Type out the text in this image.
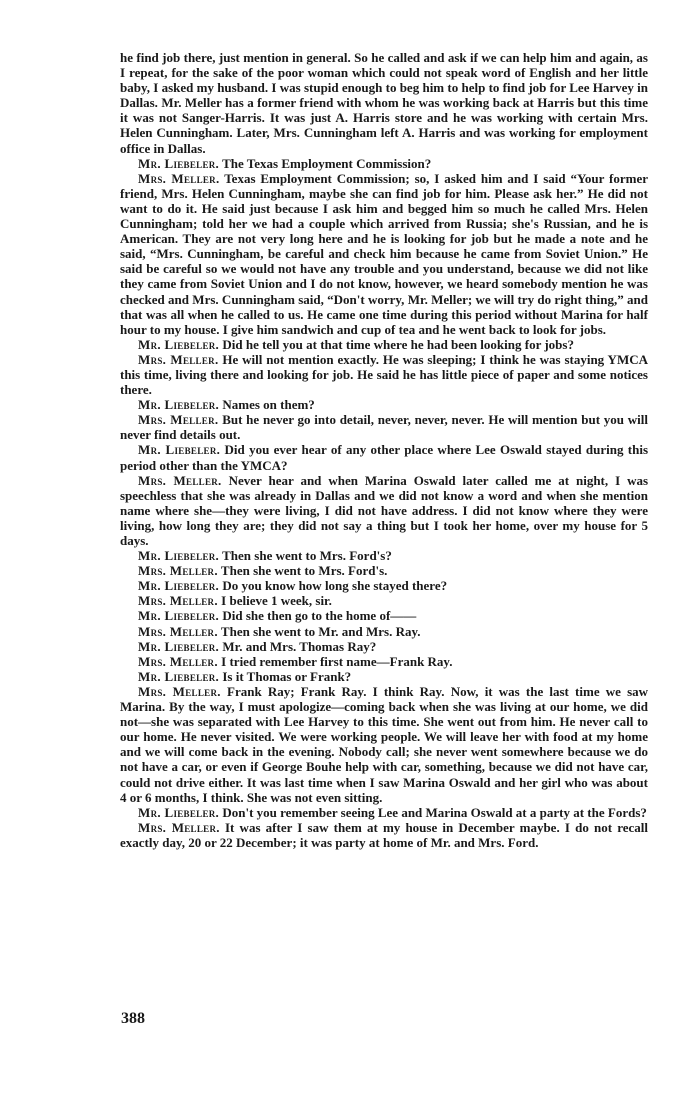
he find job there, just mention in general. So he called and ask if we can help him and again, as I repeat, for the sake of the poor woman which could not speak word of English and her little baby, I asked my husband. I was stupid enough to beg him to help to find job for Lee Harvey in Dallas. Mr. Meller has a former friend with whom he was working back at Harris but this time it was not Sanger-Harris. It was just A. Harris store and he was working with certain Mrs. Helen Cunningham. Later, Mrs. Cunningham left A. Harris and was working for employment office in Dallas.

Mr. Liebeler. The Texas Employment Commission?

Mrs. Meller. Texas Employment Commission; so, I asked him and I said “Your former friend, Mrs. Helen Cunningham, maybe she can find job for him. Please ask her.” He did not want to do it. He said just because I ask him and begged him so much he called Mrs. Helen Cunningham; told her we had a couple which arrived from Russia; she's Russian, and he is American. They are not very long here and he is looking for job but he made a note and he said, “Mrs. Cunningham, be careful and check him because he came from Soviet Union.” He said be careful so we would not have any trouble and you understand, because we did not like they came from Soviet Union and I do not know, however, we heard somebody mention he was checked and Mrs. Cunningham said, “Don't worry, Mr. Meller; we will try do right thing,” and that was all when he called to us. He came one time during this period without Marina for half hour to my house. I give him sandwich and cup of tea and he went back to look for jobs.

Mr. Liebeler. Did he tell you at that time where he had been looking for jobs?

Mrs. Meller. He will not mention exactly. He was sleeping; I think he was staying YMCA this time, living there and looking for job. He said he has little piece of paper and some notices there.

Mr. Liebeler. Names on them?

Mrs. Meller. But he never go into detail, never, never, never. He will mention but you will never find details out.

Mr. Liebeler. Did you ever hear of any other place where Lee Oswald stayed during this period other than the YMCA?

Mrs. Meller. Never hear and when Marina Oswald later called me at night, I was speechless that she was already in Dallas and we did not know a word and when she mention name where she—they were living, I did not have address. I did not know where they were living, how long they are; they did not say a thing but I took her home, over my house for 5 days.

Mr. Liebeler. Then she went to Mrs. Ford's?

Mrs. Meller. Then she went to Mrs. Ford's.

Mr. Liebeler. Do you know how long she stayed there?

Mrs. Meller. I believe 1 week, sir.

Mr. Liebeler. Did she then go to the home of——

Mrs. Meller. Then she went to Mr. and Mrs. Ray.

Mr. Liebeler. Mr. and Mrs. Thomas Ray?

Mrs. Meller. I tried remember first name—Frank Ray.

Mr. Liebeler. Is it Thomas or Frank?

Mrs. Meller. Frank Ray; Frank Ray. I think Ray. Now, it was the last time we saw Marina. By the way, I must apologize—coming back when she was living at our home, we did not—she was separated with Lee Harvey to this time. She went out from him. He never call to our home. He never visited. We were working people. We will leave her with food at my home and we will come back in the evening. Nobody call; she never went somewhere because we do not have a car, or even if George Bouhe help with car, something, because we did not have car, could not drive either. It was last time when I saw Marina Oswald and her girl who was about 4 or 6 months, I think. She was not even sitting.

Mr. Liebeler. Don't you remember seeing Lee and Marina Oswald at a party at the Fords?

Mrs. Meller. It was after I saw them at my house in December maybe. I do not recall exactly day, 20 or 22 December; it was party at home of Mr. and Mrs. Ford.

388
